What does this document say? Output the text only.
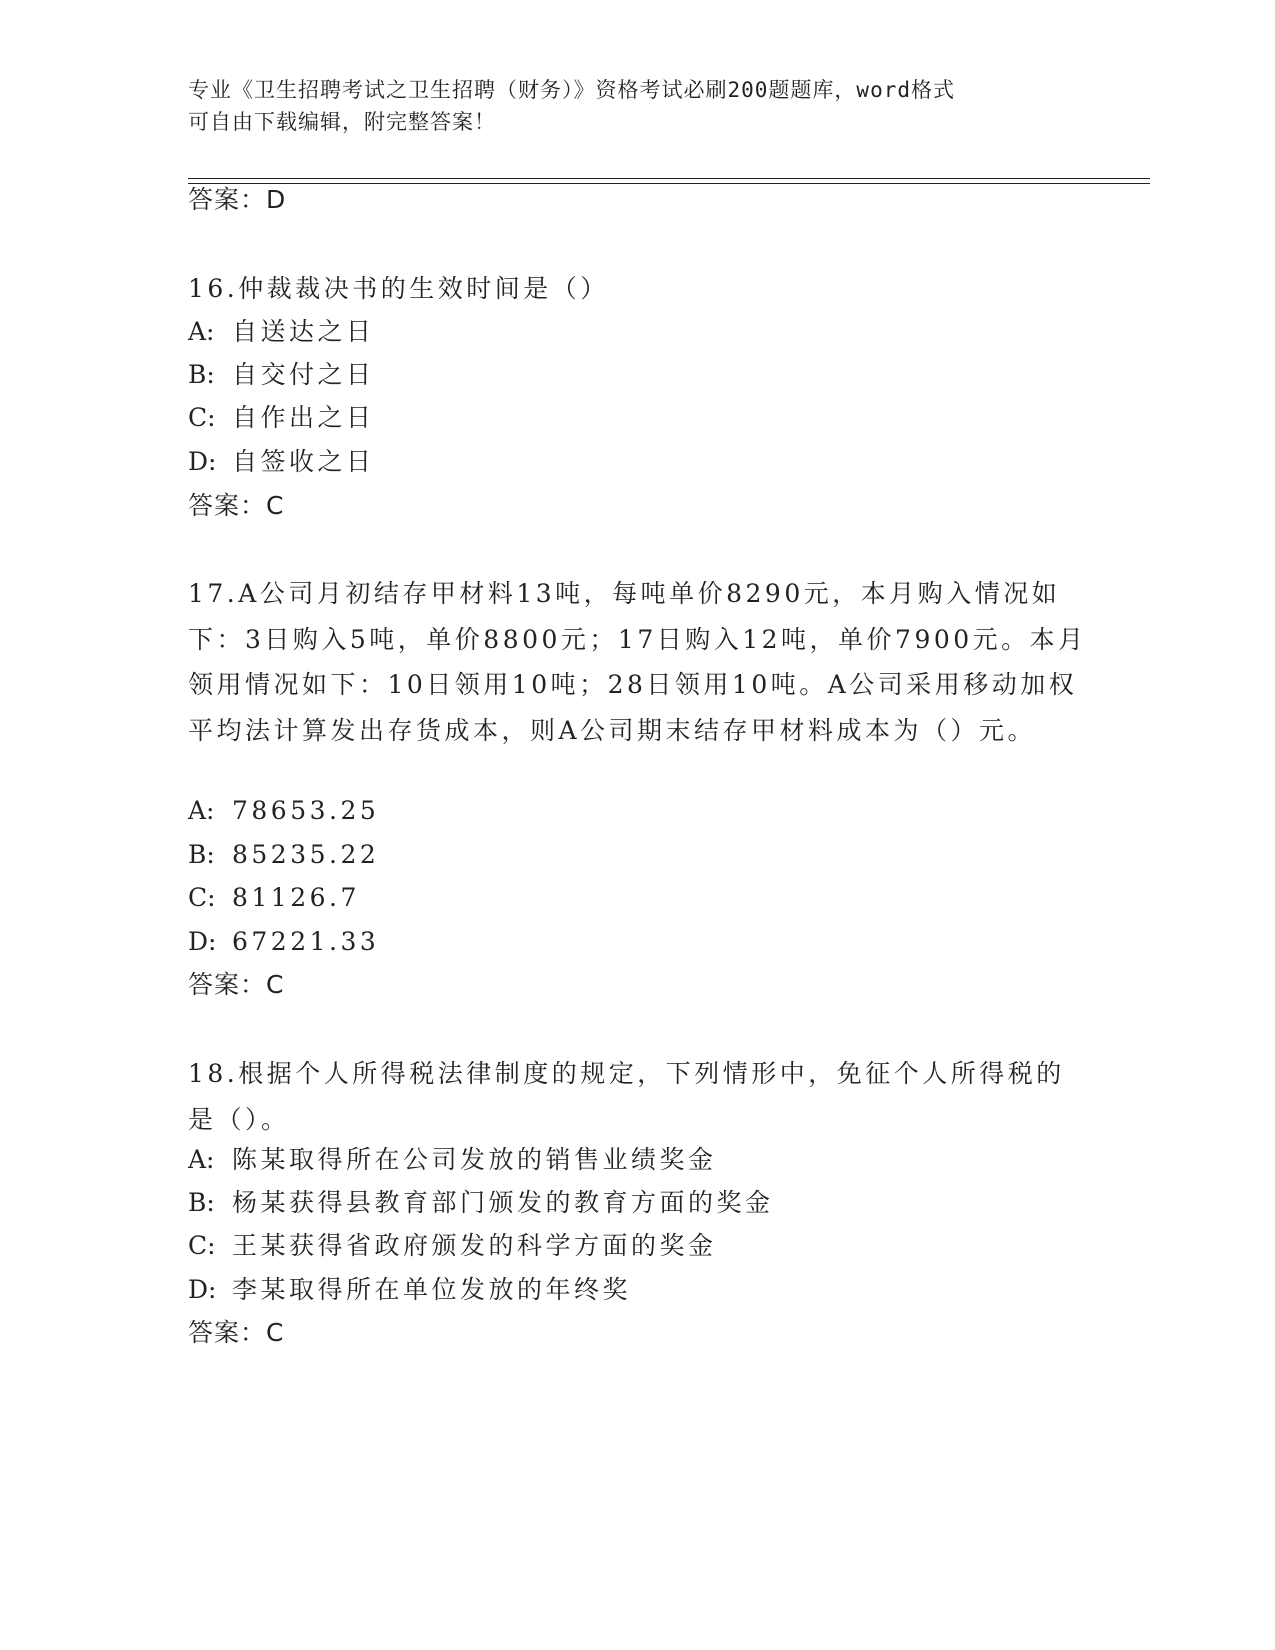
专业《卫生招聘考试之卫生招聘（财务）》资格考试必刷200题题库，word格式
可自由下载编辑，附完整答案！
答案：D
16.仲裁裁决书的生效时间是（）
A: 自送达之日
B: 自交付之日
C: 自作出之日
D: 自签收之日
答案：C
17.A公司月初结存甲材料13吨，每吨单价8290元，本月购入情况如下：3日购入5吨，单价8800元；17日购入12吨，单价7900元。本月领用情况如下：10日领用10吨；28日领用10吨。A公司采用移动加权平均法计算发出存货成本，则A公司期末结存甲材料成本为（）元。
A: 78653.25
B: 85235.22
C: 81126.7
D: 67221.33
答案：C
18.根据个人所得税法律制度的规定，下列情形中，免征个人所得税的是（）。
A: 陈某取得所在公司发放的销售业绩奖金
B: 杨某获得县教育部门颁发的教育方面的奖金
C: 王某获得省政府颁发的科学方面的奖金
D: 李某取得所在单位发放的年终奖
答案：C
